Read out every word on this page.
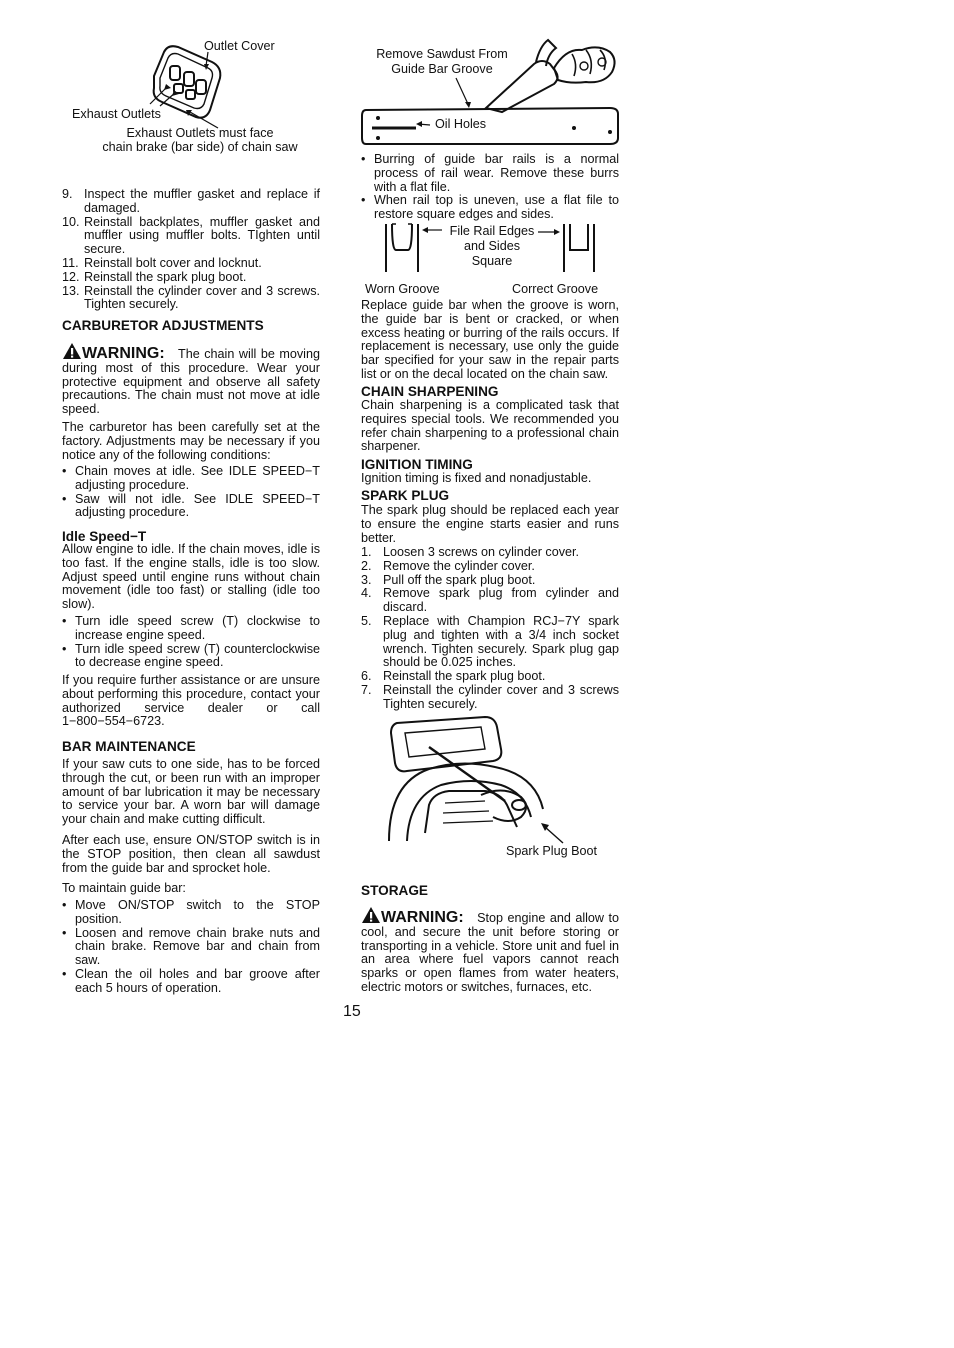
Outlet Cover
Exhaust Outlets
Exhaust Outlets must face
chain brake (bar side) of chain saw
9. Inspect the muffler gasket and replace if damaged.
10. Reinstall backplates, muffler gasket and muffler using muffler bolts. TIghten until secure.
11. Reinstall bolt cover and locknut.
12. Reinstall the spark plug boot.
13. Reinstall the cylinder cover and 3 screws. Tighten securely.
CARBURETOR ADJUSTMENTS

WARNING: The chain will be moving during most of this procedure. Wear your protective equipment and observe all safety precautions. The chain must not move at idle speed.

The carburetor has been carefully set at the factory. Adjustments may be necessary if you notice any of the following conditions:

• Chain moves at idle. See IDLE SPEED−T adjusting procedure.
• Saw will not idle. See IDLE SPEED−T adjusting procedure.
Idle Speed−T

Allow engine to idle. If the chain moves, idle is too fast. If the engine stalls, idle is too slow. Adjust speed until engine runs without chain movement (idle too fast) or stalling (idle too slow).

• Turn idle speed screw (T) clockwise to increase engine speed.
• Turn idle speed screw (T) counterclockwise to decrease engine speed.

If you require further assistance or are unsure about performing this procedure, contact your authorized service dealer or call 1−800−554−6723.

BAR MAINTENANCE

If your saw cuts to one side, has to be forced through the cut, or been run with an improper amount of bar lubrication it may be necessary to service your bar. A worn bar will damage your chain and make cutting difficult.

After each use, ensure ON/STOP switch is in the STOP position, then clean all sawdust from the guide bar and sprocket hole.

To maintain guide bar:

• Move ON/STOP switch to the STOP position.
• Loosen and remove chain brake nuts and chain brake. Remove bar and chain from saw.
• Clean the oil holes and bar groove after each 5 hours of operation.
Remove Sawdust From
Guide Bar Groove
Oil Holes
• Burring of guide bar rails is a normal process of rail wear. Remove these burrs with a flat file.
• When rail top is uneven, use a flat file to restore square edges and sides.
File Rail Edges
and Sides
Square
Worn Groove	Correct Groove

Replace guide bar when the groove is worn, the guide bar is bent or cracked, or when excess heating or burring of the rails occurs. If replacement is necessary, use only the guide bar specified for your saw in the repair parts list or on the decal located on the chain saw.

CHAIN SHARPENING

Chain sharpening is a complicated task that requires special tools. We recommended you refer chain sharpening to a professional chain sharpener.

IGNITION TIMING

Ignition timing is fixed and nonadjustable.

SPARK PLUG

The spark plug should be replaced each year to ensure the engine starts easier and runs better.

1. Loosen 3 screws on cylinder cover.
2. Remove the cylinder cover.
3. Pull off the spark plug boot.
4. Remove spark plug from cylinder and discard.
5. Replace with Champion RCJ−7Y spark plug and tighten with a 3/4 inch socket wrench. Tighten securely. Spark plug gap should be 0.025 inches.
6. Reinstall the spark plug boot.
7. Reinstall the cylinder cover and 3 screws Tighten securely.
Spark Plug Boot
STORAGE

WARNING: Stop engine and allow to cool, and secure the unit before storing or transporting in a vehicle. Store unit and fuel in an area where fuel vapors cannot reach sparks or open flames from water heaters, electric motors or switches, furnaces, etc.

15
